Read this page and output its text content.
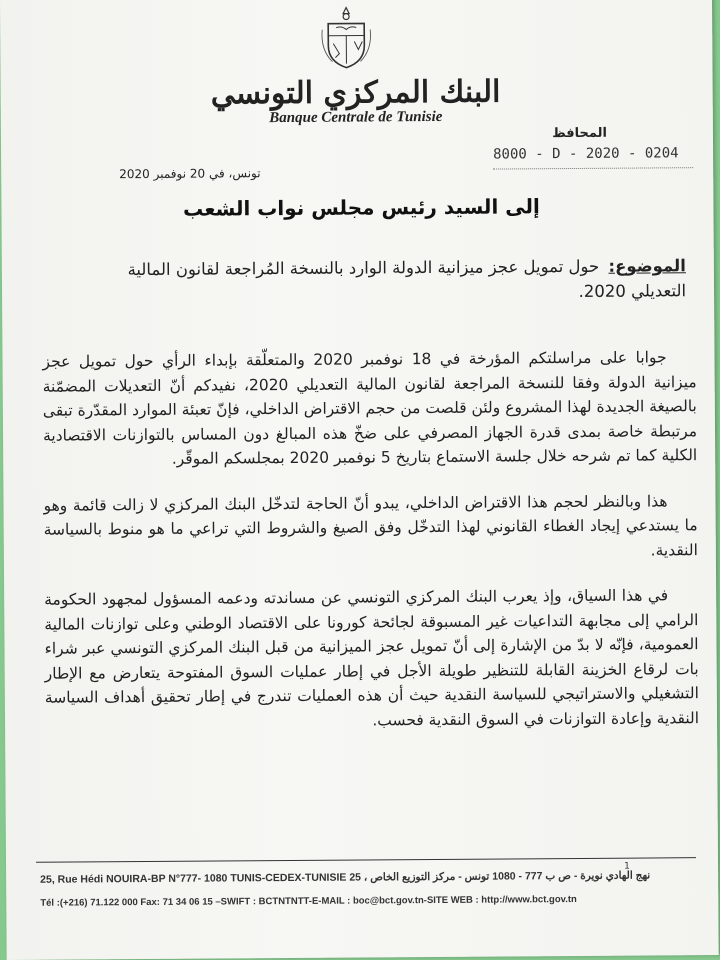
البنك المركزي التونسي
Banque Centrale de Tunisie
المحافظ
8000 - D - 2020 - 0204
تونس، في 20 نوفمبر 2020
إلى السيد رئيس مجلس نواب الشعب
الموضوع: حول تمويل عجز ميزانية الدولة الوارد بالنسخة المُراجعة لقانون المالية التعديلي 2020.

جوابا على مراسلتكم المؤرخة في 18 نوفمبر 2020 والمتعلّقة بإبداء الرأي حول تمويل عجز ميزانية الدولة وفقا للنسخة المراجعة لقانون المالية التعديلي 2020، نفيدكم أنّ التعديلات المضمّنة بالصيغة الجديدة لهذا المشروع ولئن قلصت من حجم الاقتراض الداخلي، فإنّ تعبئة الموارد المقدّرة تبقى مرتبطة خاصة بمدى قدرة الجهاز المصرفي على ضخّ هذه المبالغ دون المساس بالتوازنات الاقتصادية الكلية كما تم شرحه خلال جلسة الاستماع بتاريخ 5 نوفمبر 2020 بمجلسكم الموقّر.

هذا وبالنظر لحجم هذا الاقتراض الداخلي، يبدو أنّ الحاجة لتدخّل البنك المركزي لا زالت قائمة وهو ما يستدعي إيجاد الغطاء القانوني لهذا التدخّل وفق الصيغ والشروط التي تراعي ما هو منوط بالسياسة النقدية.

في هذا السياق، وإذ يعرب البنك المركزي التونسي عن مساندته ودعمه المسؤول لمجهود الحكومة الرامي إلى مجابهة التداعيات غير المسبوقة لجائحة كورونا على الاقتصاد الوطني وعلى توازنات المالية العمومية، فإنّه لا بدّ من الإشارة إلى أنّ تمويل عجز الميزانية من قبل البنك المركزي التونسي عبر شراء بات لرقاع الخزينة القابلة للتنظير طويلة الأجل في إطار عمليات السوق المفتوحة يتعارض مع الإطار التشغيلي والاستراتيجي للسياسة النقدية حيث أن هذه العمليات تندرج في إطار تحقيق أهداف السياسة النقدية وإعادة التوازنات في السوق النقدية فحسب.

1
25, Rue Hédi NOUIRA-BP N°777- 1080 TUNIS-CEDEX-TUNISIE 25 ، نهج الهادي نويرة - ص ب 777 - 1080 تونس - مركز التوزيع الخاص
Tél :(+216) 71.122 000 Fax: 71 34 06 15 –SWIFT : BCTNTNTT-E-MAIL : boc@bct.gov.tn-SITE WEB : http://www.bct.gov.tn
